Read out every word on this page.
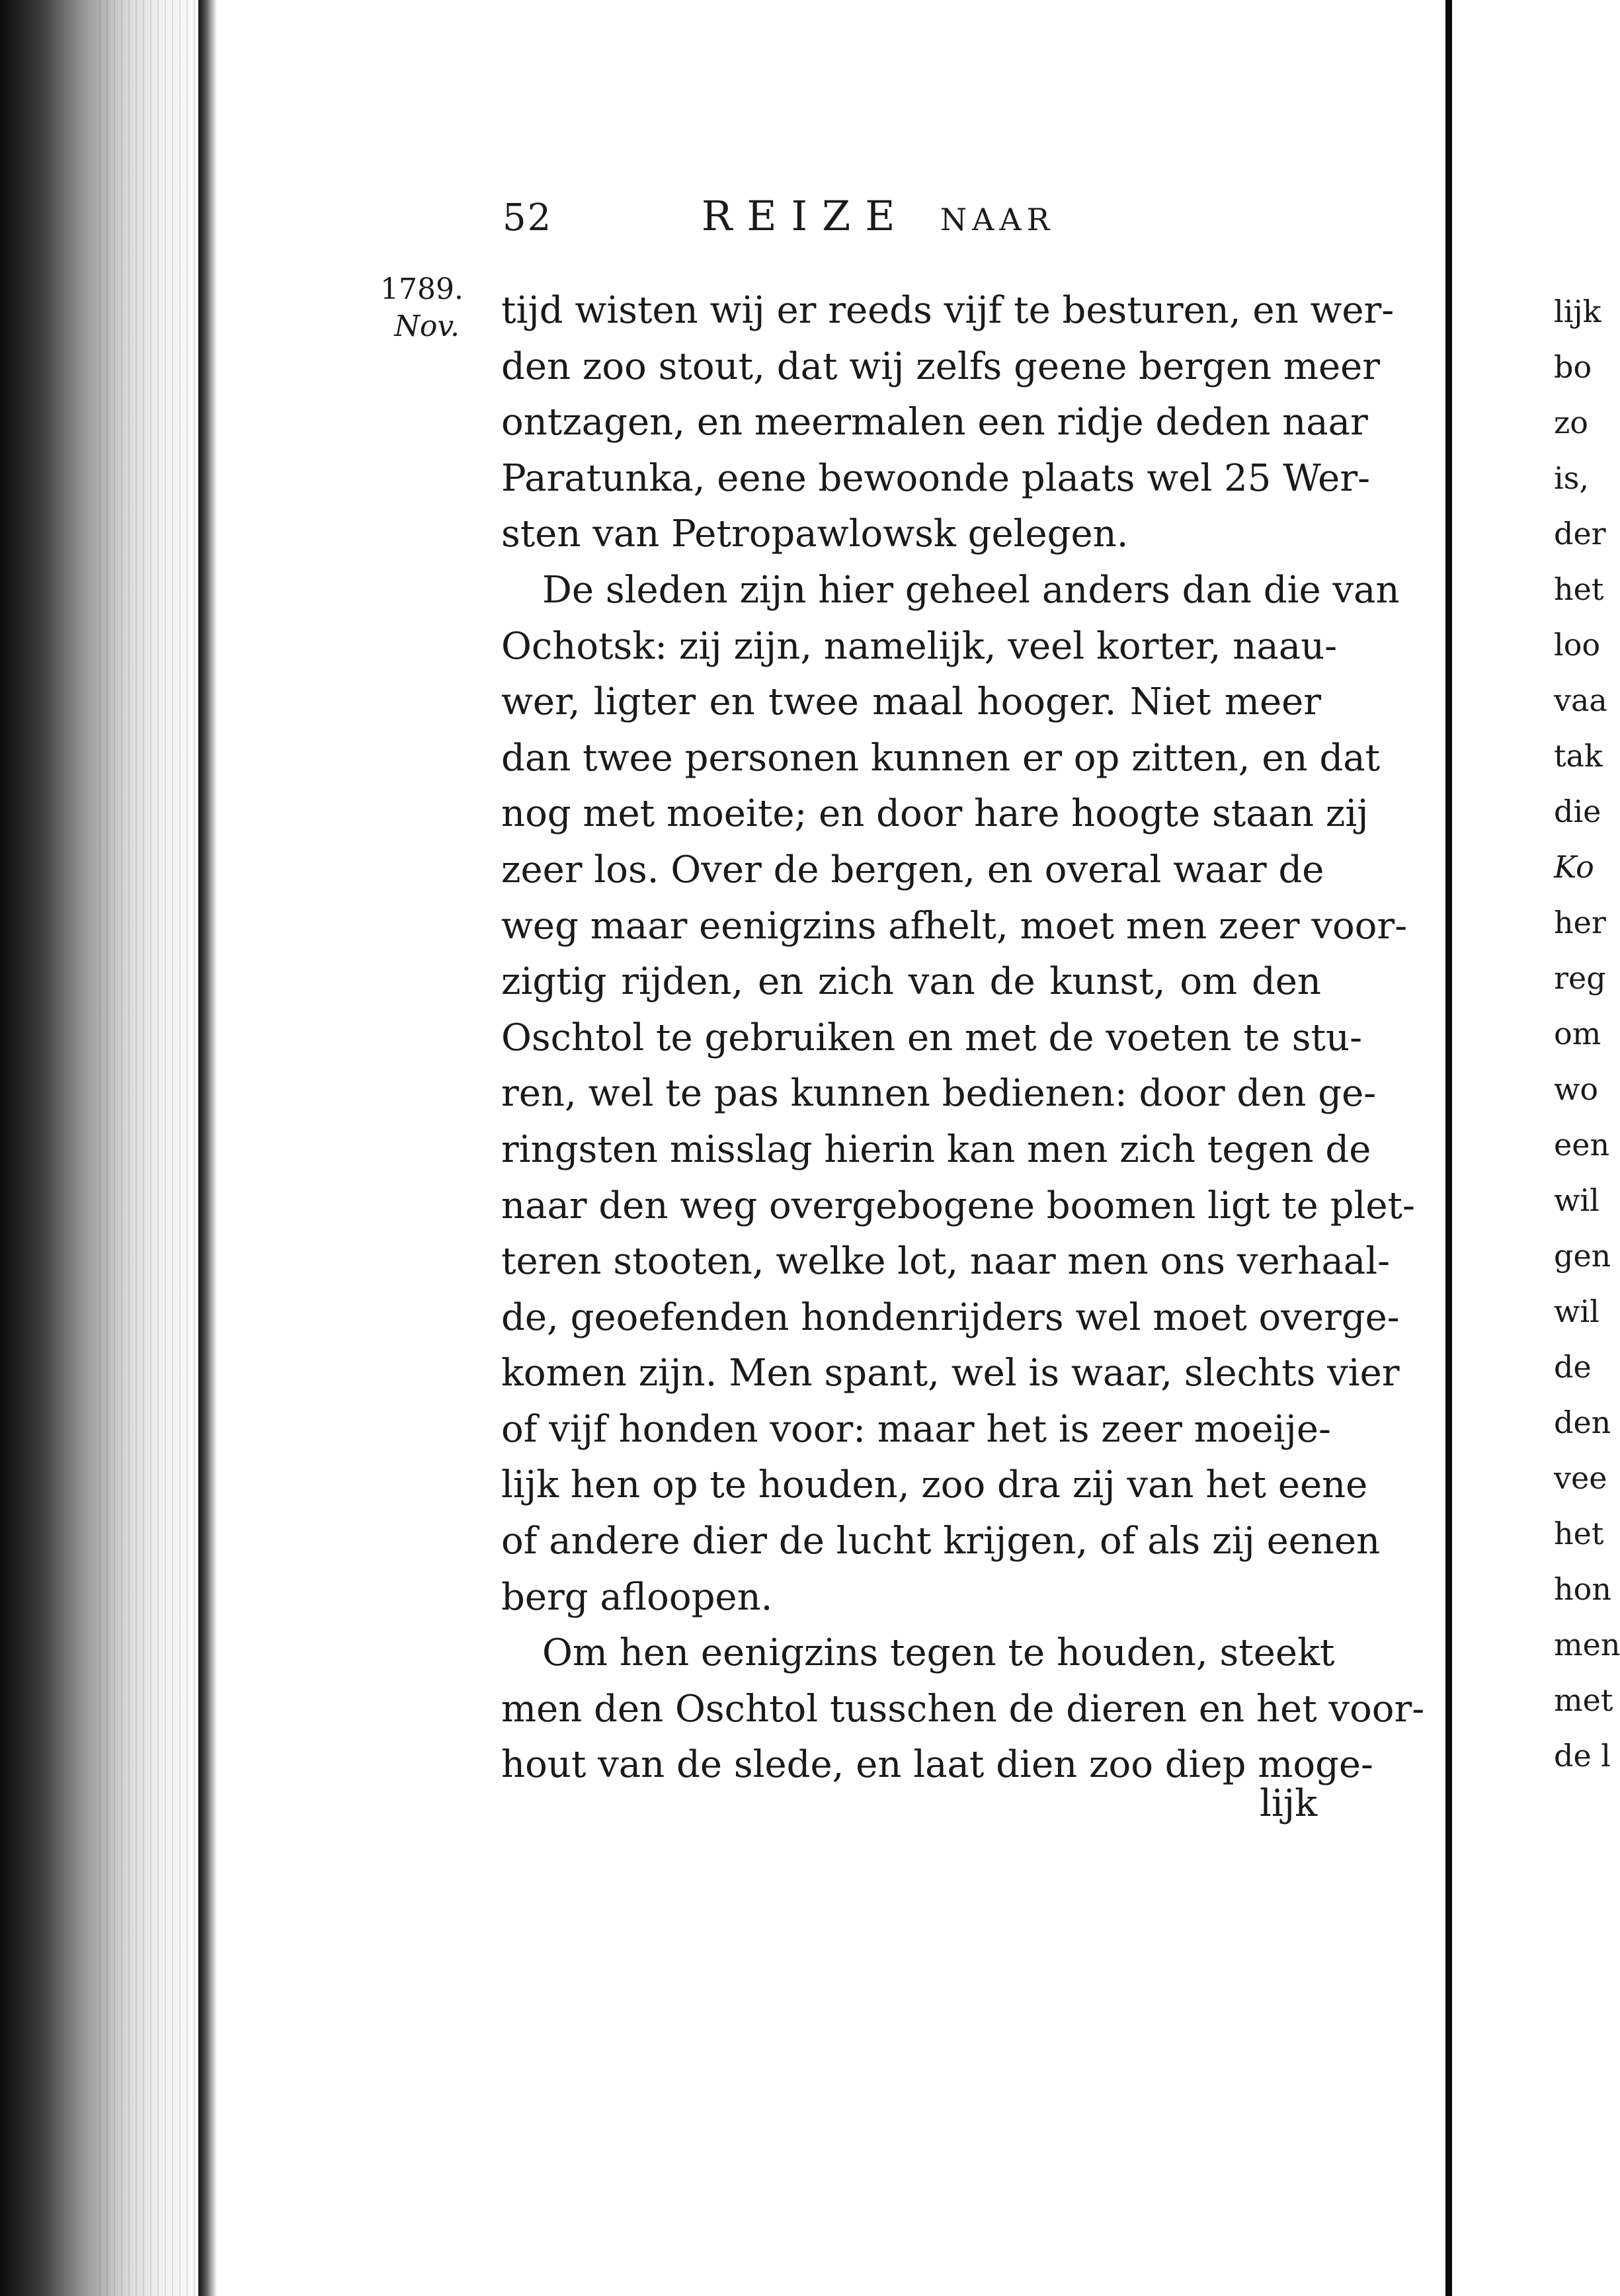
52	REIZE NAAR
1789.
Nov. tijd wisten wij er reeds vijf te besturen, en wer-
den zoo stout, dat wij zelfs geene bergen meer
ontzagen, en meermalen een ridje deden naar
Paratunka, eene bewoonde plaats wel 25 Wer-
sten van Petropawlowsk gelegen.
De sleden zijn hier geheel anders dan die van
Ochotsk: zij zijn, namelijk, veel korter, naau-
wer, ligter en twee maal hooger. Niet meer
dan twee personen kunnen er op zitten, en dat
nog met moeite; en door hare hoogte staan zij
zeer los. Over de bergen, en overal waar de
weg maar eenigzins afhelt, moet men zeer voor-
zigtig rijden, en zich van de kunst, om den
Oschtol te gebruiken en met de voeten te stu-
ren, wel te pas kunnen bedienen: door den ge-
ringsten misslag hierin kan men zich tegen de
naar den weg overgebogene boomen ligt te plet-
teren stooten, welke lot, naar men ons verhaal-
de, geoefenden hondenrijders wel moet overge-
komen zijn. Men spant, wel is waar, slechts vier
of vijf honden voor: maar het is zeer moeije-
lijk hen op te houden, zoo dra zij van het eene
of andere dier de lucht krijgen, of als zij eenen
berg afloopen.
Om hen eenigzins tegen te houden, steekt
men den Oschtol tusschen de dieren en het voor-
hout van de slede, en laat dien zoo diep moge-
lijk
lijk
bo
zo
is,
der
het
loo
vaa
tak
die
Ko
her
reg
om
wo
een
wil
gen
wil
de
den
vee
het
hon
men
met
de l
